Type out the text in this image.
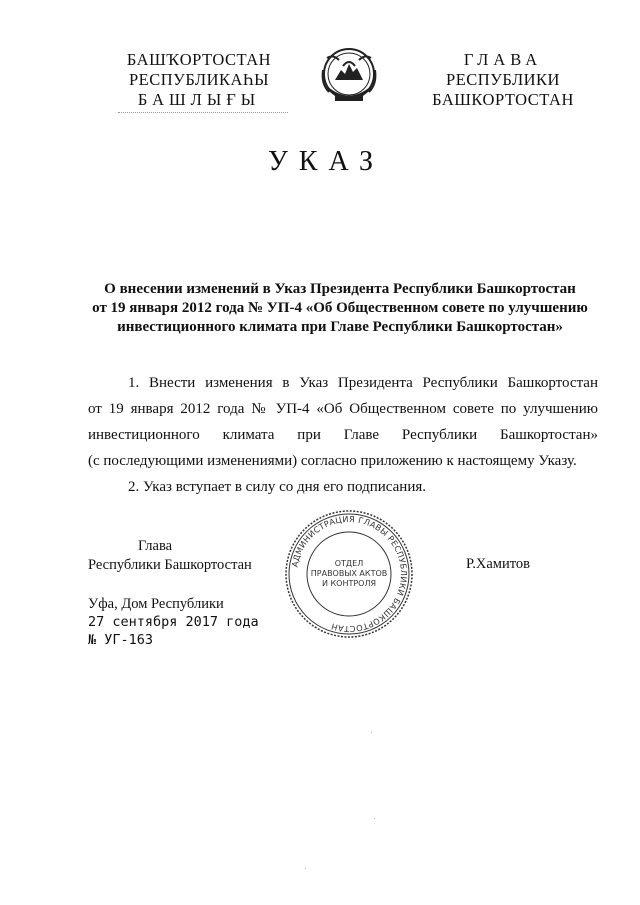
БАШҠОРТОСТАН
РЕСПУБЛИКАҺЫ
БАШЛЫҒЫ
ГЛАВА
РЕСПУБЛИКИ
БАШКОРТОСТАН
УКАЗ
О внесении изменений в Указ Президента Республики Башкортостан
от 19 января 2012 года № УП-4 «Об Общественном совете по улучшению
инвестиционного климата при Главе Республики Башкортостан»
1. Внести изменения в Указ Президента Республики Башкортостан
от 19 января 2012 года № УП-4 «Об Общественном совете по улучшению
инвестиционного климата при Главе Республики Башкортостан»
(с последующими изменениями) согласно приложению к настоящему Указу.
2. Указ вступает в силу со дня его подписания.
Глава
Республики Башкортостан	АДМИНИСТРАЦИЯ ГЛАВЫ РЕСПУБЛИКИ БАШКОРТОСТАН
ОТДЕЛ
ПРАВОВЫХ АКТОВ
И КОНТРОЛЯ
Р.Хамитов
Уфа, Дом Республики
27 сентября 2017 года
№ УГ-163
